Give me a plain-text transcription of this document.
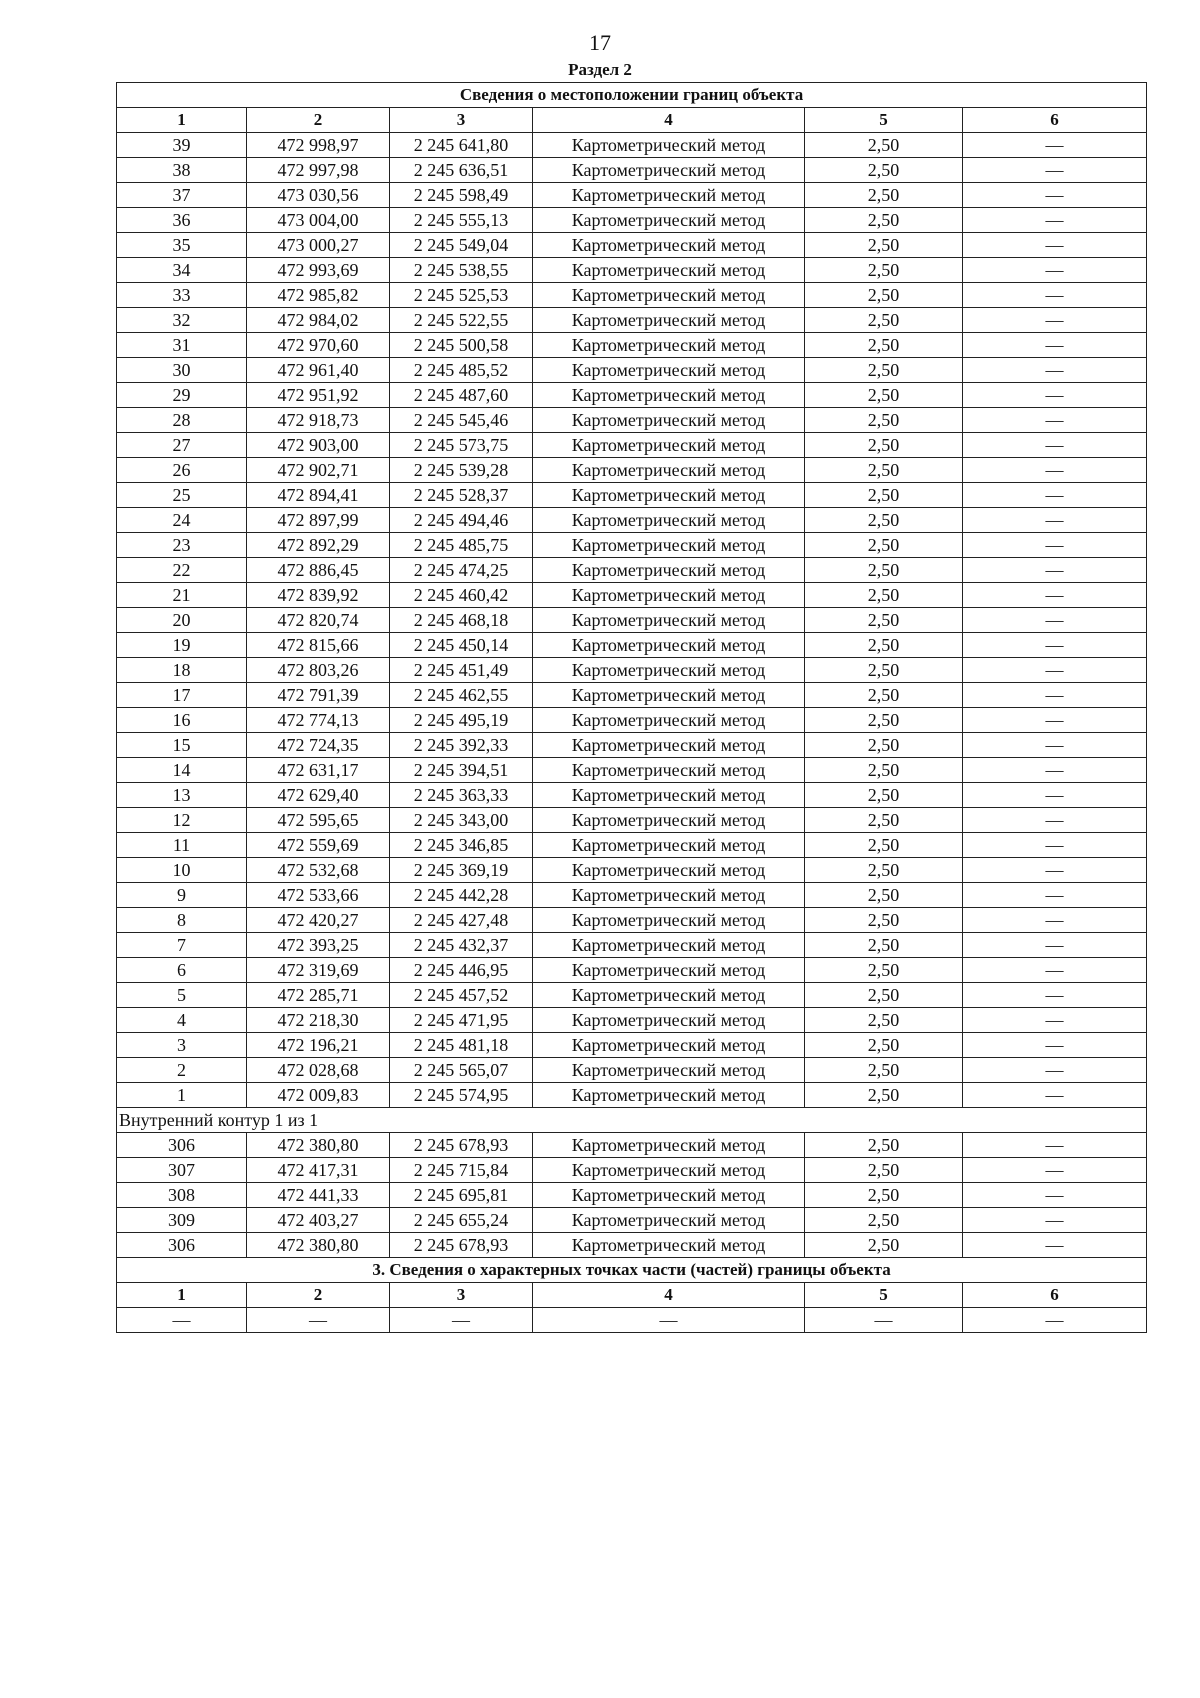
17
Раздел 2
Сведения о местоположении границ объекта					
1	2	3	4	5	6
39	472 998,97	2 245 641,80	Картометрический метод	2,50	—
38	472 997,98	2 245 636,51	Картометрический метод	2,50	—
37	473 030,56	2 245 598,49	Картометрический метод	2,50	—
36	473 004,00	2 245 555,13	Картометрический метод	2,50	—
35	473 000,27	2 245 549,04	Картометрический метод	2,50	—
34	472 993,69	2 245 538,55	Картометрический метод	2,50	—
33	472 985,82	2 245 525,53	Картометрический метод	2,50	—
32	472 984,02	2 245 522,55	Картометрический метод	2,50	—
31	472 970,60	2 245 500,58	Картометрический метод	2,50	—
30	472 961,40	2 245 485,52	Картометрический метод	2,50	—
29	472 951,92	2 245 487,60	Картометрический метод	2,50	—
28	472 918,73	2 245 545,46	Картометрический метод	2,50	—
27	472 903,00	2 245 573,75	Картометрический метод	2,50	—
26	472 902,71	2 245 539,28	Картометрический метод	2,50	—
25	472 894,41	2 245 528,37	Картометрический метод	2,50	—
24	472 897,99	2 245 494,46	Картометрический метод	2,50	—
23	472 892,29	2 245 485,75	Картометрический метод	2,50	—
22	472 886,45	2 245 474,25	Картометрический метод	2,50	—
21	472 839,92	2 245 460,42	Картометрический метод	2,50	—
20	472 820,74	2 245 468,18	Картометрический метод	2,50	—
19	472 815,66	2 245 450,14	Картометрический метод	2,50	—
18	472 803,26	2 245 451,49	Картометрический метод	2,50	—
17	472 791,39	2 245 462,55	Картометрический метод	2,50	—
16	472 774,13	2 245 495,19	Картометрический метод	2,50	—
15	472 724,35	2 245 392,33	Картометрический метод	2,50	—
14	472 631,17	2 245 394,51	Картометрический метод	2,50	—
13	472 629,40	2 245 363,33	Картометрический метод	2,50	—
12	472 595,65	2 245 343,00	Картометрический метод	2,50	—
11	472 559,69	2 245 346,85	Картометрический метод	2,50	—
10	472 532,68	2 245 369,19	Картометрический метод	2,50	—
9	472 533,66	2 245 442,28	Картометрический метод	2,50	—
8	472 420,27	2 245 427,48	Картометрический метод	2,50	—
7	472 393,25	2 245 432,37	Картометрический метод	2,50	—
6	472 319,69	2 245 446,95	Картометрический метод	2,50	—
5	472 285,71	2 245 457,52	Картометрический метод	2,50	—
4	472 218,30	2 245 471,95	Картометрический метод	2,50	—
3	472 196,21	2 245 481,18	Картометрический метод	2,50	—
2	472 028,68	2 245 565,07	Картометрический метод	2,50	—
1	472 009,83	2 245 574,95	Картометрический метод	2,50	—
Внутренний контур 1 из 1					
306	472 380,80	2 245 678,93	Картометрический метод	2,50	—
307	472 417,31	2 245 715,84	Картометрический метод	2,50	—
308	472 441,33	2 245 695,81	Картометрический метод	2,50	—
309	472 403,27	2 245 655,24	Картометрический метод	2,50	—
306	472 380,80	2 245 678,93	Картометрический метод	2,50	—
3. Сведения о характерных точках части (частей) границы объекта					
1	2	3	4	5	6
—	—	—	—	—	—
